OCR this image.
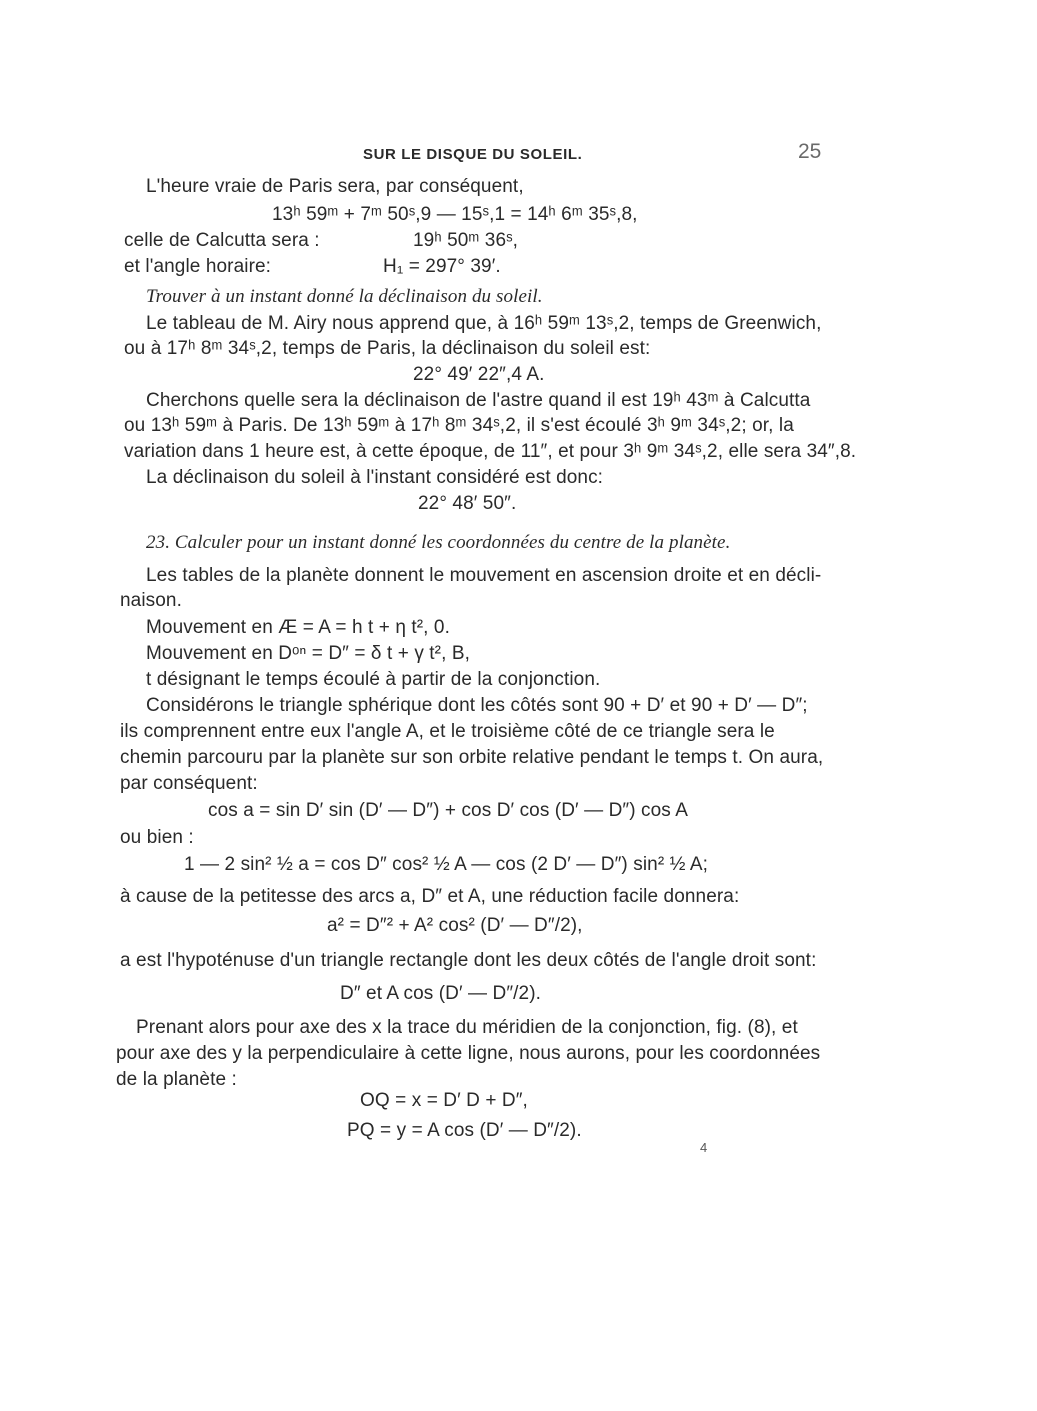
SUR LE DISQUE DU SOLEIL.	25
L'heure vraie de Paris sera, par conséquent,
13ʰ 59ᵐ + 7ᵐ 50ˢ,9 — 15ˢ,1 = 14ʰ 6ᵐ 35ˢ,8,
celle de Calcutta sera :	19ʰ 50ᵐ 36ˢ,
et l'angle horaire:	H₁ = 297° 39′.
Trouver à un instant donné la déclinaison du soleil.
Le tableau de M. Airy nous apprend que, à 16ʰ 59ᵐ 13ˢ,2, temps de Greenwich,
ou à 17ʰ 8ᵐ 34ˢ,2, temps de Paris, la déclinaison du soleil est:
22° 49′ 22″,4 A.
Cherchons quelle sera la déclinaison de l'astre quand il est 19ʰ 43ᵐ à Calcutta
ou 13ʰ 59ᵐ à Paris. De 13ʰ 59ᵐ à 17ʰ 8ᵐ 34ˢ,2, il s'est écoulé 3ʰ 9ᵐ 34ˢ,2; or, la
variation dans 1 heure est, à cette époque, de 11″, et pour 3ʰ 9ᵐ 34ˢ,2, elle sera 34″,8.
La déclinaison du soleil à l'instant considéré est donc:
22° 48′ 50″.
23. Calculer pour un instant donné les coordonnées du centre de la planète.
Les tables de la planète donnent le mouvement en ascension droite et en décli-
naison.
Mouvement en Æ = A = h t + η t², 0.
Mouvement en Dᵒⁿ = D″ = δ t + γ t², B,
t désignant le temps écoulé à partir de la conjonction.
Considérons le triangle sphérique dont les côtés sont 90 + D′ et 90 + D′ — D″;
ils comprennent entre eux l'angle A, et le troisième côté de ce triangle sera le
chemin parcouru par la planète sur son orbite relative pendant le temps t. On aura,
par conséquent:
cos a = sin D′ sin (D′ — D″) + cos D′ cos (D′ — D″) cos A
ou bien :
1 — 2 sin² ½ a = cos D″ cos² ½ A — cos (2 D′ — D″) sin² ½ A;
à cause de la petitesse des arcs a, D″ et A, une réduction facile donnera:
a² = D″² + A² cos² (D′ — D″/2),
a est l'hypoténuse d'un triangle rectangle dont les deux côtés de l'angle droit sont:
D″ et A cos (D′ — D″/2).
Prenant alors pour axe des x la trace du méridien de la conjonction, fig. (8), et
pour axe des y la perpendiculaire à cette ligne, nous aurons, pour les coordonnées
de la planète :
OQ = x = D′ D + D″,
PQ = y = A cos (D′ — D″/2).
4
